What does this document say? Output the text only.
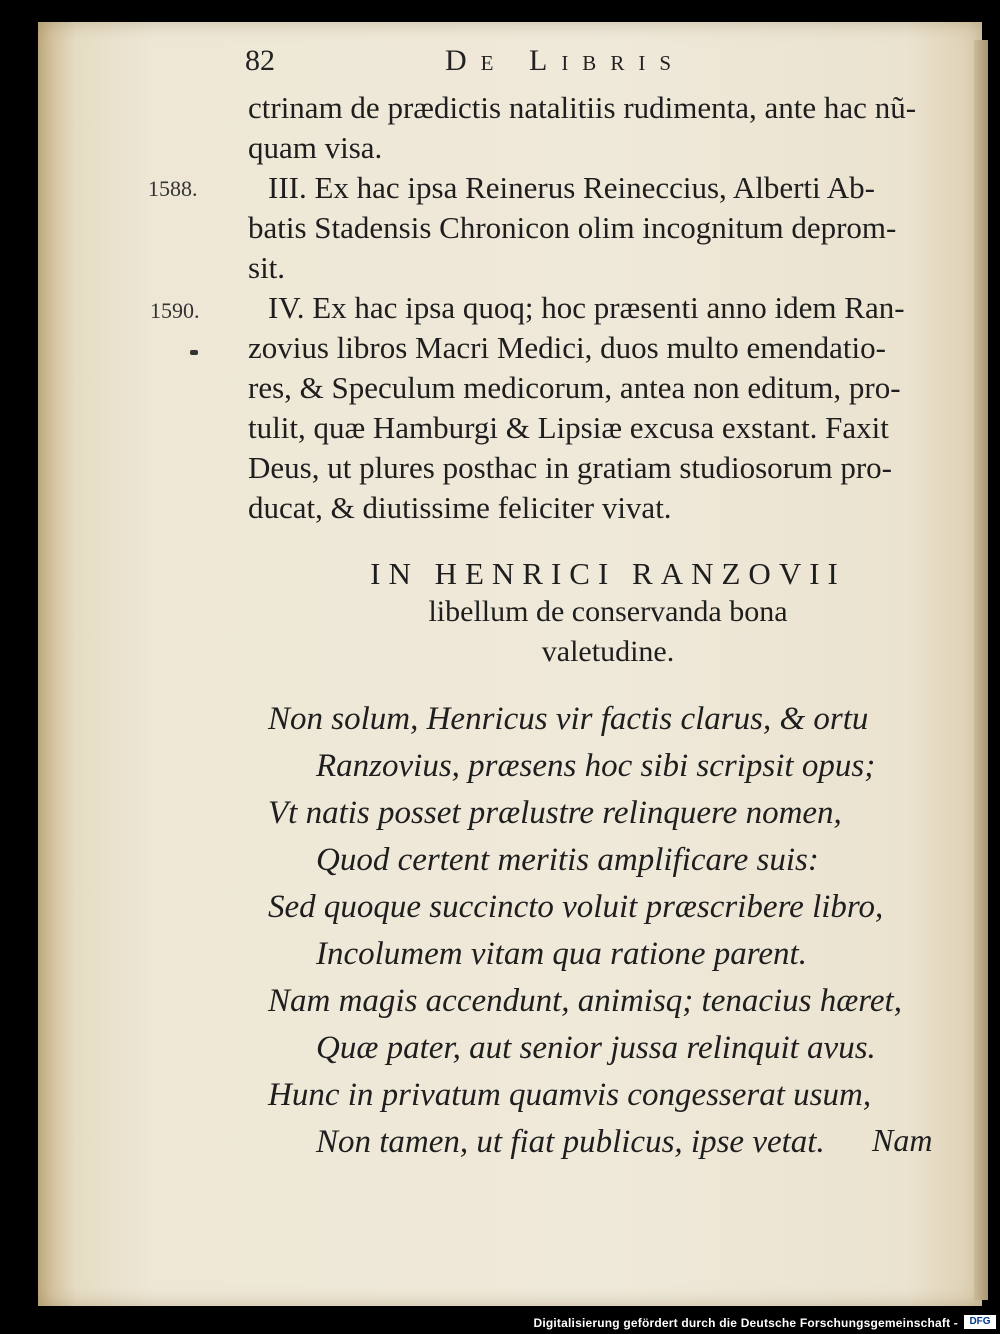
82	De Libris

ctrinam de prædictis natalitiis rudimenta, ante hac nũ-

quam visa.

III. Ex hac ipsa Reinerus Reineccius, Alberti Ab-

batis Stadensis Chronicon olim incognitum deprom-

sit.

IV. Ex hac ipsa quoq; hoc præsenti anno idem Ran-

zovius libros Macri Medici, duos multo emendatio-

res, & Speculum medicorum, antea non editum, pro-

tulit, quæ Hamburgi & Lipsiæ excusa exstant. Faxit

Deus, ut plures posthac in gratiam studiosorum pro-

ducat, & diutissime feliciter vivat.

1588.
1590.
IN HENRICI RANZOVII
libellum de conservanda bona
valetudine.
Non solum, Henricus vir factis clarus, & ortu
Ranzovius, præsens hoc sibi scripsit opus;
Vt natis posset prælustre relinquere nomen,
Quod certent meritis amplificare suis:
Sed quoque succincto voluit præscribere libro,
Incolumem vitam qua ratione parent.
Nam magis accendunt, animisq; tenacius hæret,
Quæ pater, aut senior jussa relinquit avus.
Hunc in privatum quamvis congesserat usum,
Non tamen, ut fiat publicus, ipse vetat.	Nam
Digitalisierung gefördert durch die Deutsche Forschungsgemeinschaft -	DFG
